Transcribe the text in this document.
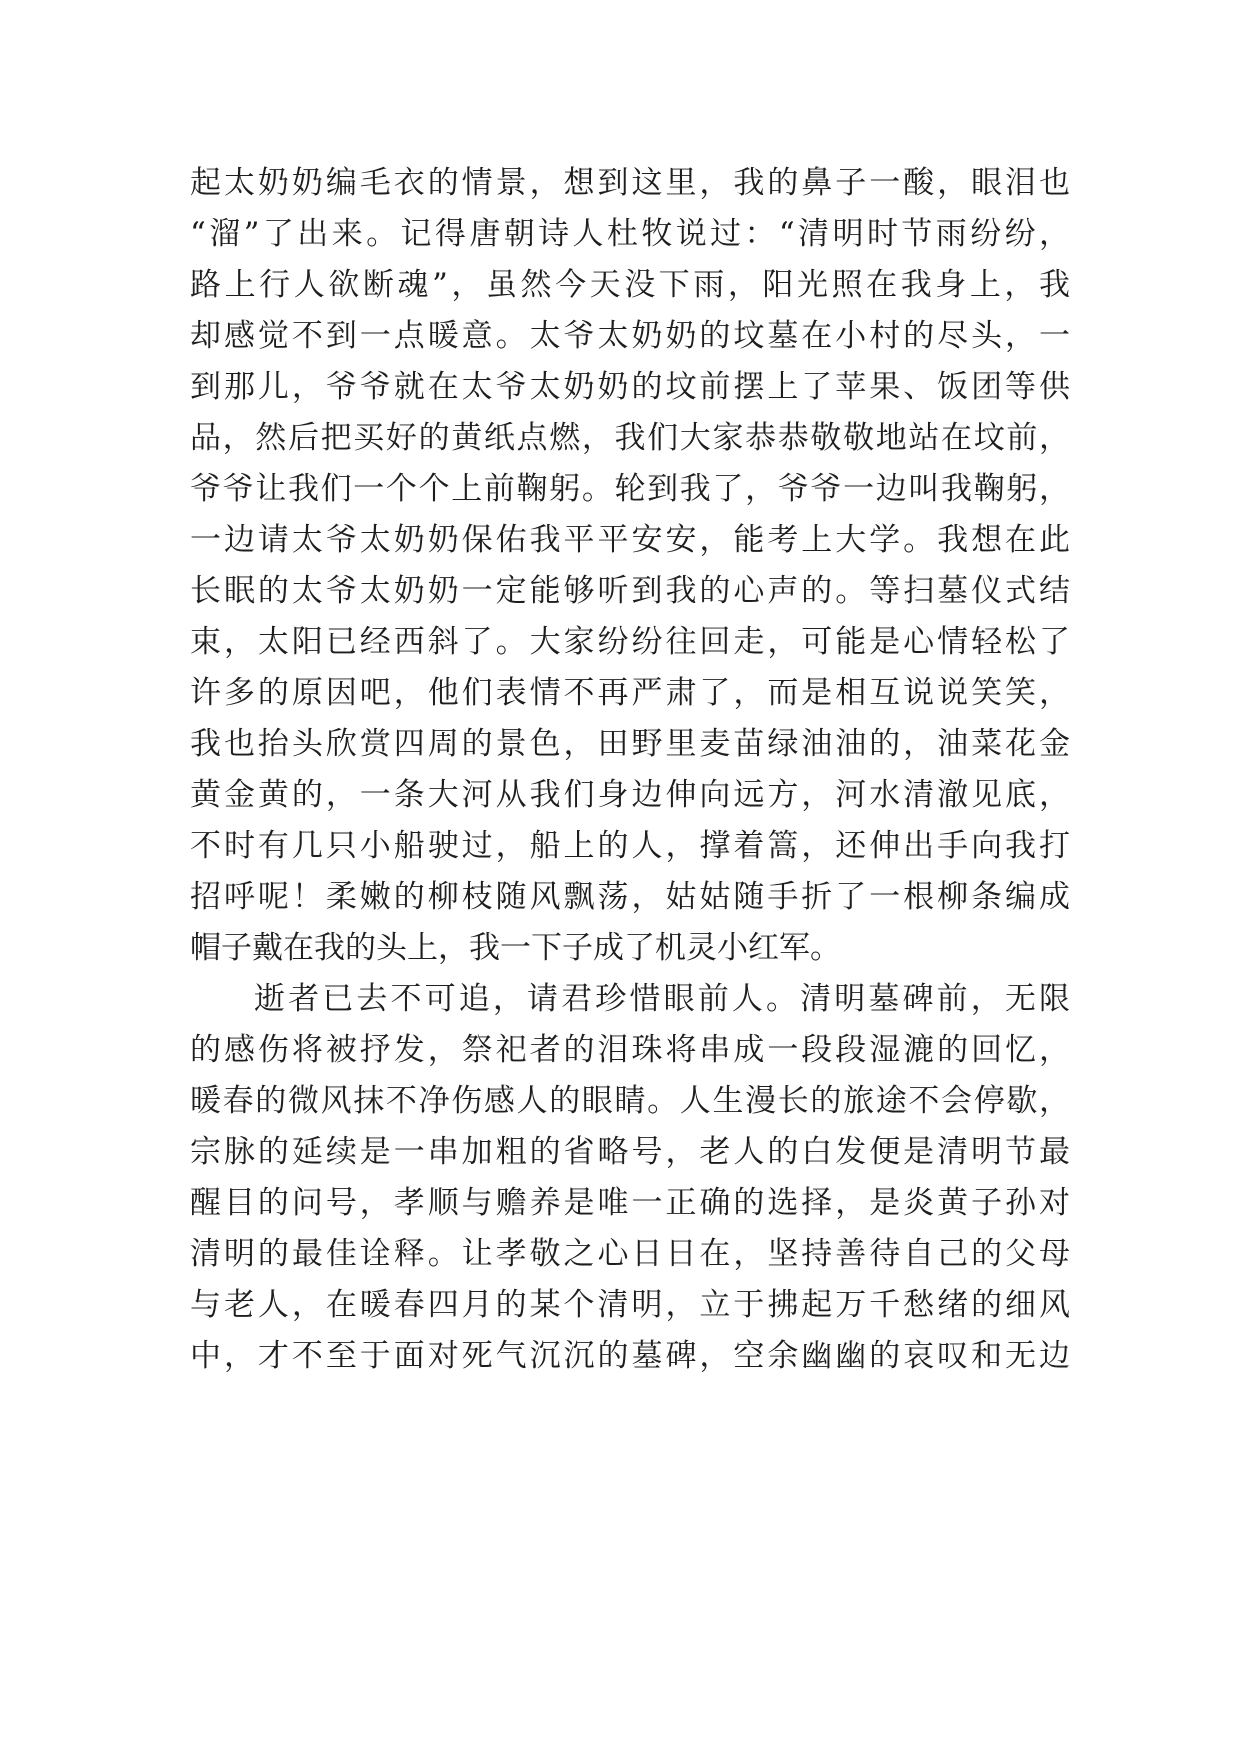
起太奶奶编毛衣的情景，想到这里，我的鼻子一酸，眼泪也
“溜”了出来。记得唐朝诗人杜牧说过：“清明时节雨纷纷，
路上行人欲断魂”，虽然今天没下雨，阳光照在我身上，我
却感觉不到一点暖意。太爷太奶奶的坟墓在小村的尽头，一
到那儿，爷爷就在太爷太奶奶的坟前摆上了苹果、饭团等供
品，然后把买好的黄纸点燃，我们大家恭恭敬敬地站在坟前，
爷爷让我们一个个上前鞠躬。轮到我了，爷爷一边叫我鞠躬，
一边请太爷太奶奶保佑我平平安安，能考上大学。我想在此
长眠的太爷太奶奶一定能够听到我的心声的。等扫墓仪式结
束，太阳已经西斜了。大家纷纷往回走，可能是心情轻松了
许多的原因吧，他们表情不再严肃了，而是相互说说笑笑，
我也抬头欣赏四周的景色，田野里麦苗绿油油的，油菜花金
黄金黄的，一条大河从我们身边伸向远方，河水清澈见底，
不时有几只小船驶过，船上的人，撑着篙，还伸出手向我打
招呼呢！柔嫩的柳枝随风飘荡，姑姑随手折了一根柳条编成
帽子戴在我的头上，我一下子成了机灵小红军。
逝者已去不可追，请君珍惜眼前人。清明墓碑前，无限
的感伤将被抒发，祭祀者的泪珠将串成一段段湿漉的回忆，
暖春的微风抹不净伤感人的眼睛。人生漫长的旅途不会停歇，
宗脉的延续是一串加粗的省略号，老人的白发便是清明节最
醒目的问号，孝顺与赡养是唯一正确的选择，是炎黄子孙对
清明的最佳诠释。让孝敬之心日日在，坚持善待自己的父母
与老人，在暖春四月的某个清明，立于拂起万千愁绪的细风
中，才不至于面对死气沉沉的墓碑，空余幽幽的哀叹和无边
